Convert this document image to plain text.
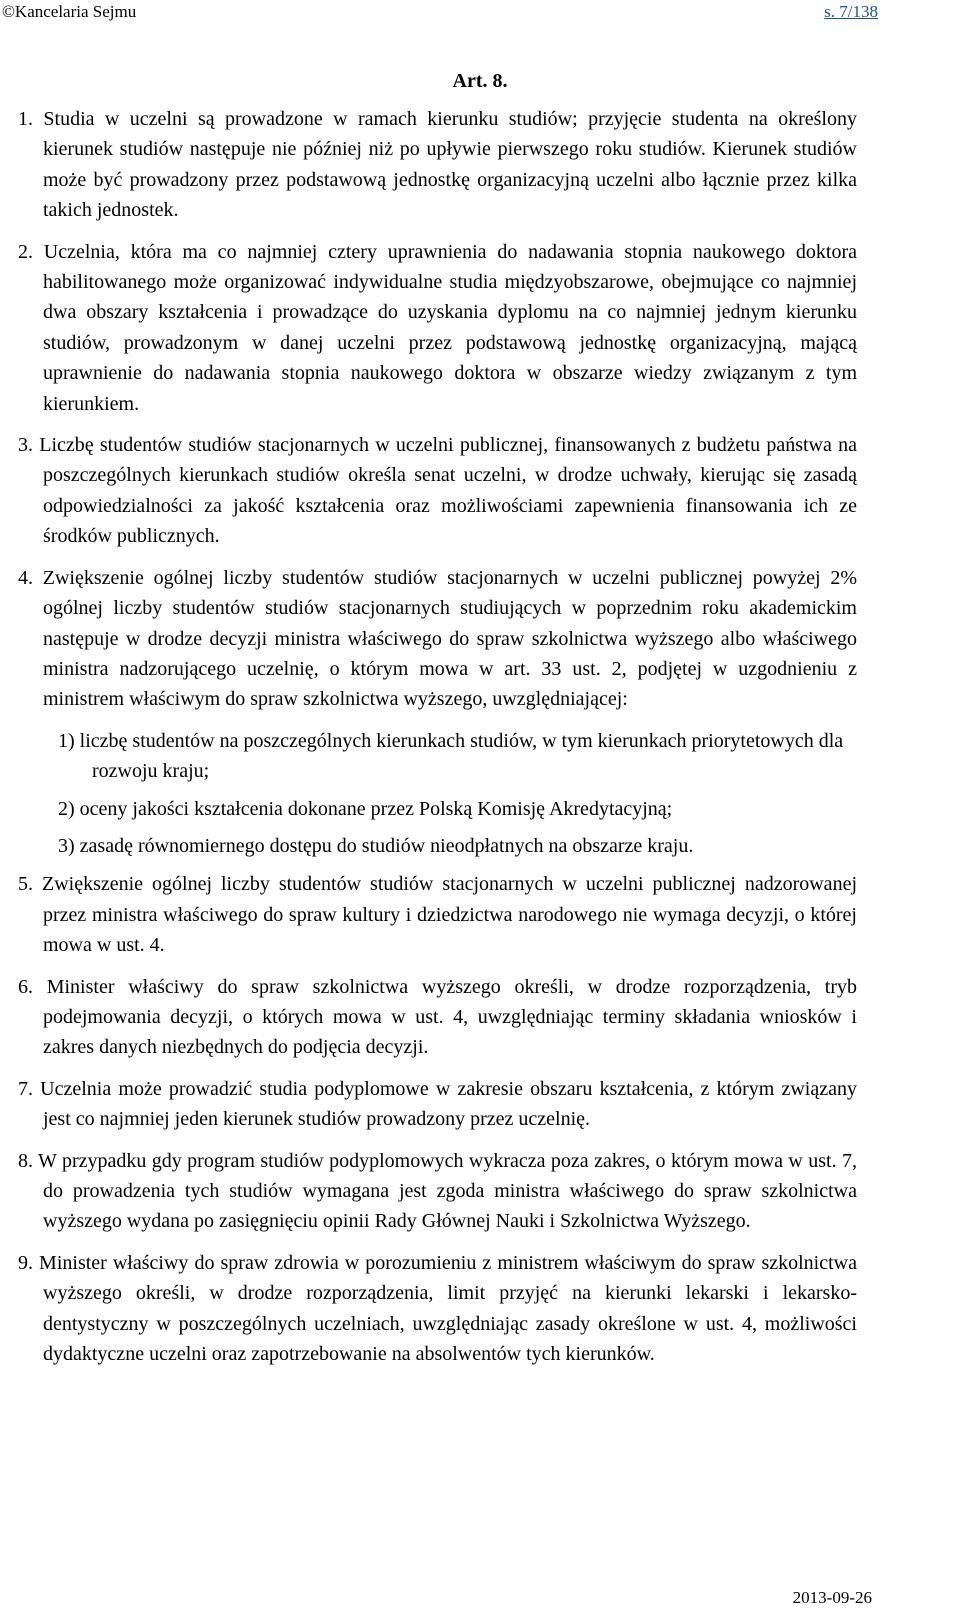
©Kancelaria Sejmu	s. 7/138
Art. 8.

1. Studia w uczelni są prowadzone w ramach kierunku studiów; przyjęcie studenta na określony kierunek studiów następuje nie później niż po upływie pierwszego roku studiów. Kierunek studiów może być prowadzony przez podstawową jednostkę organizacyjną uczelni albo łącznie przez kilka takich jednostek.

2. Uczelnia, która ma co najmniej cztery uprawnienia do nadawania stopnia naukowego doktora habilitowanego może organizować indywidualne studia międzyobszarowe, obejmujące co najmniej dwa obszary kształcenia i prowadzące do uzyskania dyplomu na co najmniej jednym kierunku studiów, prowadzonym w danej uczelni przez podstawową jednostkę organizacyjną, mającą uprawnienie do nadawania stopnia naukowego doktora w obszarze wiedzy związanym z tym kierunkiem.

3. Liczbę studentów studiów stacjonarnych w uczelni publicznej, finansowanych z budżetu państwa na poszczególnych kierunkach studiów określa senat uczelni, w drodze uchwały, kierując się zasadą odpowiedzialności za jakość kształcenia oraz możliwościami zapewnienia finansowania ich ze środków publicznych.

4. Zwiększenie ogólnej liczby studentów studiów stacjonarnych w uczelni publicznej powyżej 2% ogólnej liczby studentów studiów stacjonarnych studiujących w poprzednim roku akademickim następuje w drodze decyzji ministra właściwego do spraw szkolnictwa wyższego albo właściwego ministra nadzorującego uczelnię, o którym mowa w art. 33 ust. 2, podjętej w uzgodnieniu z ministrem właściwym do spraw szkolnictwa wyższego, uwzględniającej:

1) liczbę studentów na poszczególnych kierunkach studiów, w tym kierunkach priorytetowych dla rozwoju kraju;

2) oceny jakości kształcenia dokonane przez Polską Komisję Akredytacyjną;

3) zasadę równomiernego dostępu do studiów nieodpłatnych na obszarze kraju.

5. Zwiększenie ogólnej liczby studentów studiów stacjonarnych w uczelni publicznej nadzorowanej przez ministra właściwego do spraw kultury i dziedzictwa narodowego nie wymaga decyzji, o której mowa w ust. 4.

6. Minister właściwy do spraw szkolnictwa wyższego określi, w drodze rozporządzenia, tryb podejmowania decyzji, o których mowa w ust. 4, uwzględniając terminy składania wniosków i zakres danych niezbędnych do podjęcia decyzji.

7. Uczelnia może prowadzić studia podyplomowe w zakresie obszaru kształcenia, z którym związany jest co najmniej jeden kierunek studiów prowadzony przez uczelnię.

8. W przypadku gdy program studiów podyplomowych wykracza poza zakres, o którym mowa w ust. 7, do prowadzenia tych studiów wymagana jest zgoda ministra właściwego do spraw szkolnictwa wyższego wydana po zasięgnięciu opinii Rady Głównej Nauki i Szkolnictwa Wyższego.

9. Minister właściwy do spraw zdrowia w porozumieniu z ministrem właściwym do spraw szkolnictwa wyższego określi, w drodze rozporządzenia, limit przyjęć na kierunki lekarski i lekarsko-dentystyczny w poszczególnych uczelniach, uwzględniając zasady określone w ust. 4, możliwości dydaktyczne uczelni oraz zapotrzebowanie na absolwentów tych kierunków.

2013-09-26
